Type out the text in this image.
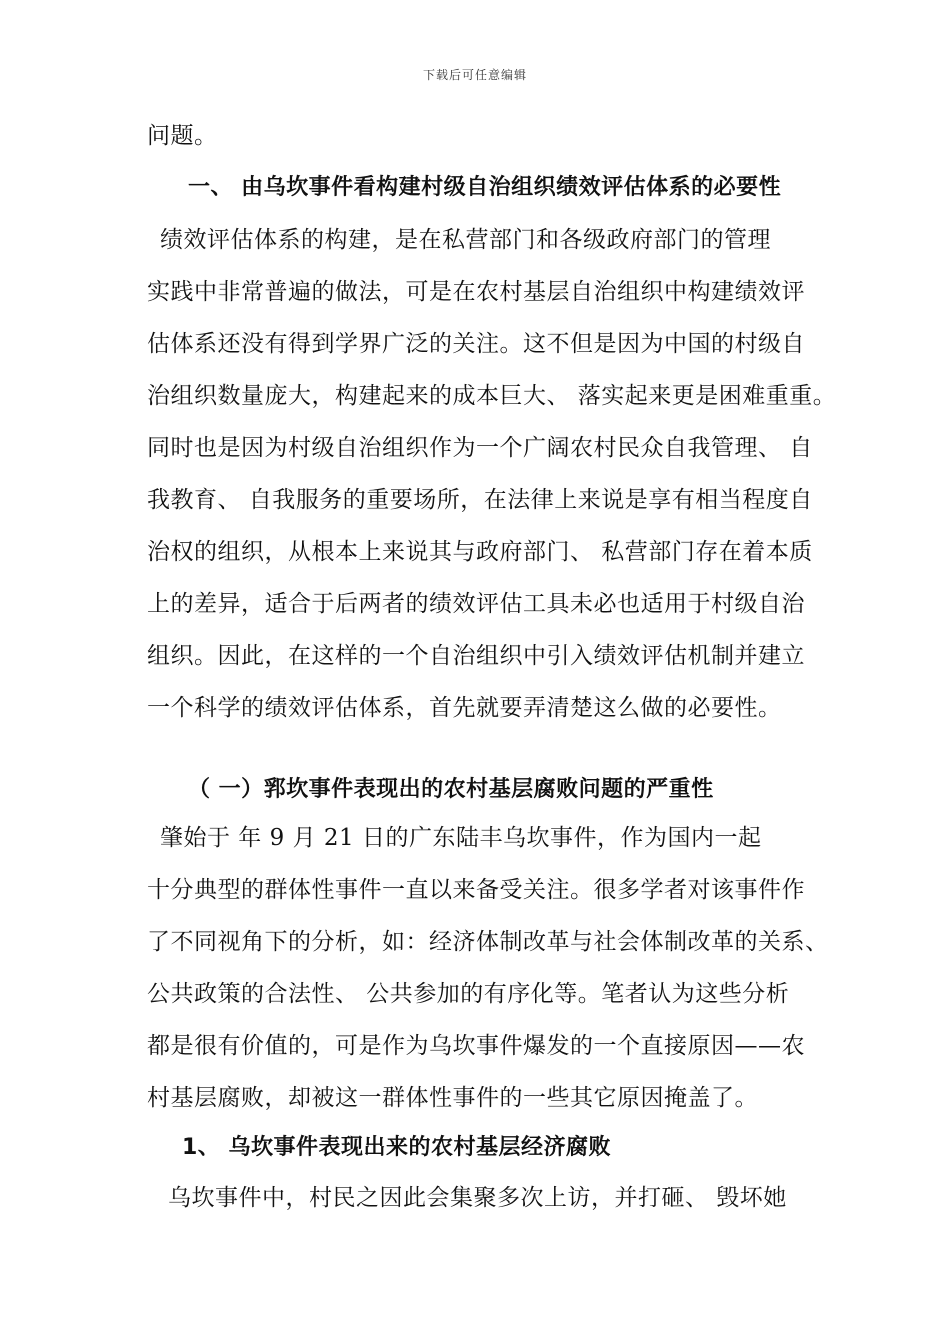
下载后可任意编辑
问题。
一、 由乌坎事件看构建村级自治组织绩效评估体系的必要性
绩效评估体系的构建，是在私营部门和各级政府部门的管理
实践中非常普遍的做法，可是在农村基层自治组织中构建绩效评
估体系还没有得到学界广泛的关注。这不但是因为中国的村级自
治组织数量庞大，构建起来的成本巨大、 落实起来更是困难重重。
同时也是因为村级自治组织作为一个广阔农村民众自我管理、 自
我教育、 自我服务的重要场所，在法律上来说是享有相当程度自
治权的组织，从根本上来说其与政府部门、 私营部门存在着本质
上的差异，适合于后两者的绩效评估工具未必也适用于村级自治
组织。因此，在这样的一个自治组织中引入绩效评估机制并建立
一个科学的绩效评估体系，首先就要弄清楚这么做的必要性。
（ 一）郛坎事件表现出的农村基层腐败问题的严重性
肇始于 年 9 月 21 日的广东陆丰乌坎事件，作为国内一起
十分典型的群体性事件一直以来备受关注。很多学者对该事件作
了不同视角下的分析，如：经济体制改革与社会体制改革的关系、
公共政策的合法性、 公共参加的有序化等。笔者认为这些分析
都是很有价值的，可是作为乌坎事件爆发的一个直接原因——农
村基层腐败，却被这一群体性事件的一些其它原因掩盖了。
1、 乌坎事件表现出来的农村基层经济腐败
乌坎事件中，村民之因此会集聚多次上访，并打砸、 毁坏她
